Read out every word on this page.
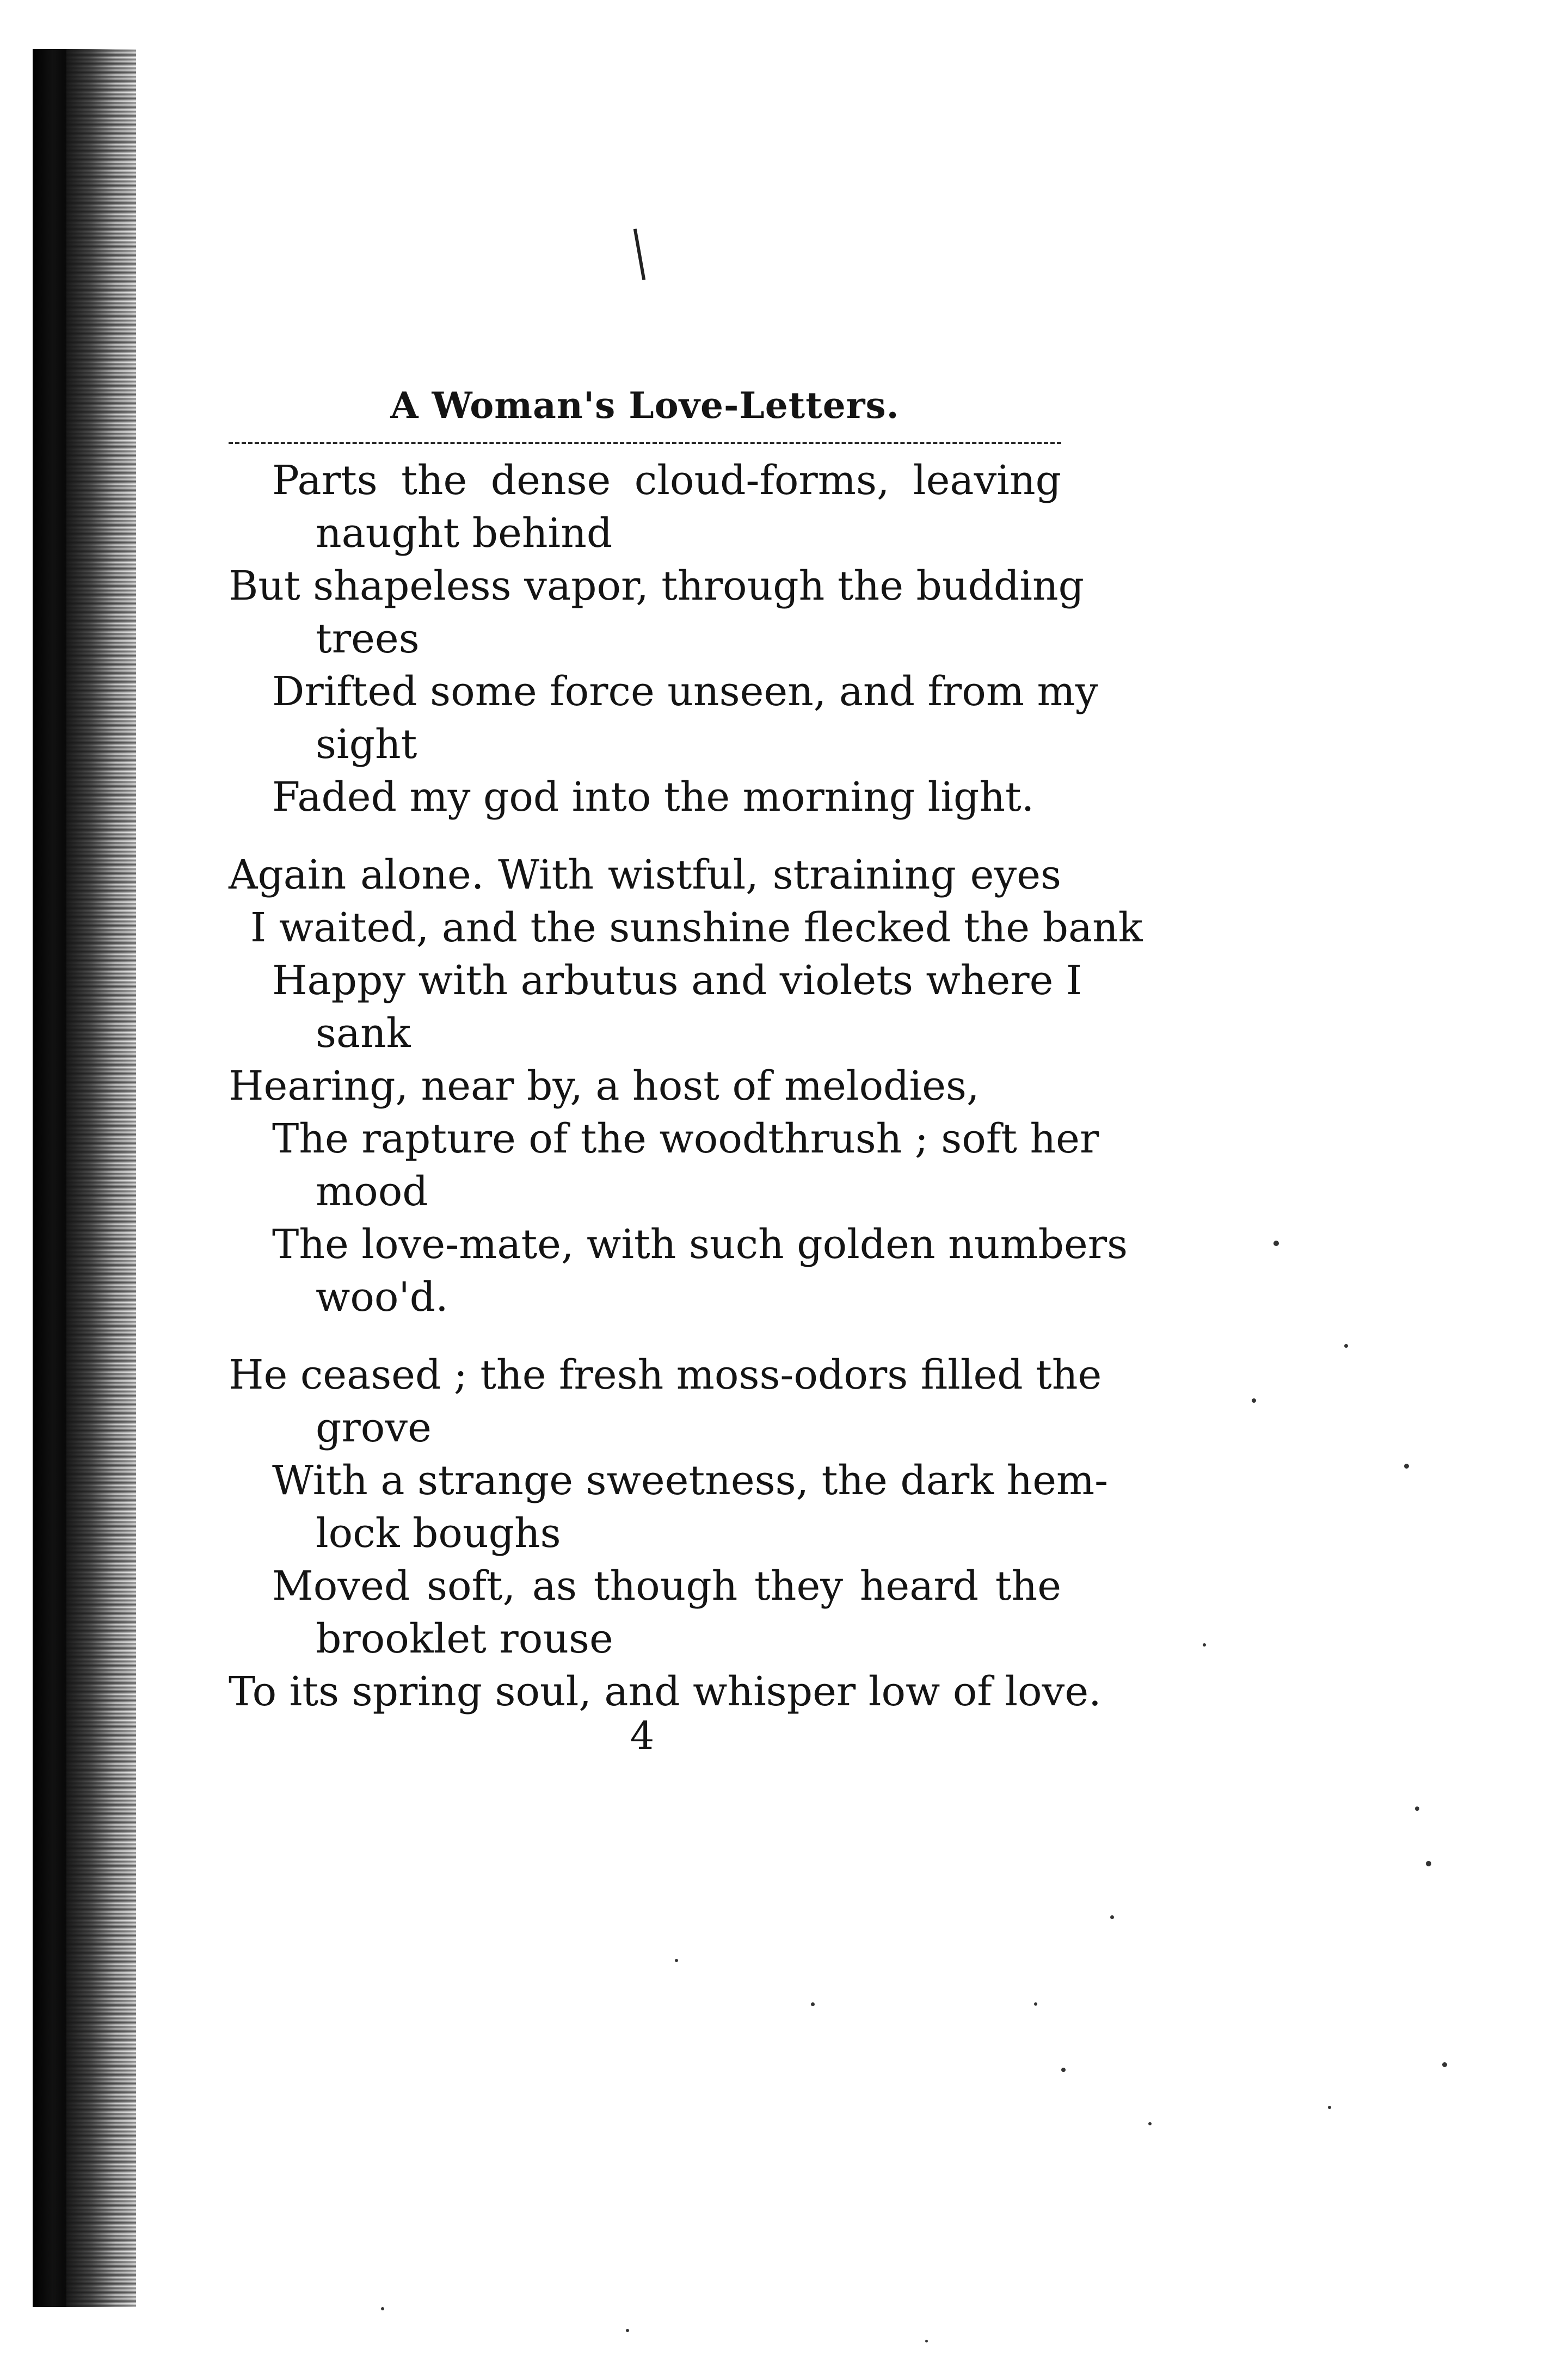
A Woman's Love-Letters.
Parts the dense cloud-forms, leaving
naught behind
But shapeless vapor, through the budding
trees
Drifted some force unseen, and from my
sight
Faded my god into the morning light.
Again alone. With wistful, straining eyes
I waited, and the sunshine flecked the bank
Happy with arbutus and violets where I
sank
Hearing, near by, a host of melodies,
The rapture of the woodthrush ; soft her
mood
The love-mate, with such golden numbers
woo'd.
He ceased ; the fresh moss-odors filled the
grove
With a strange sweetness, the dark hem-
lock boughs
Moved soft, as though they heard the
brooklet rouse
To its spring soul, and whisper low of love.
4
